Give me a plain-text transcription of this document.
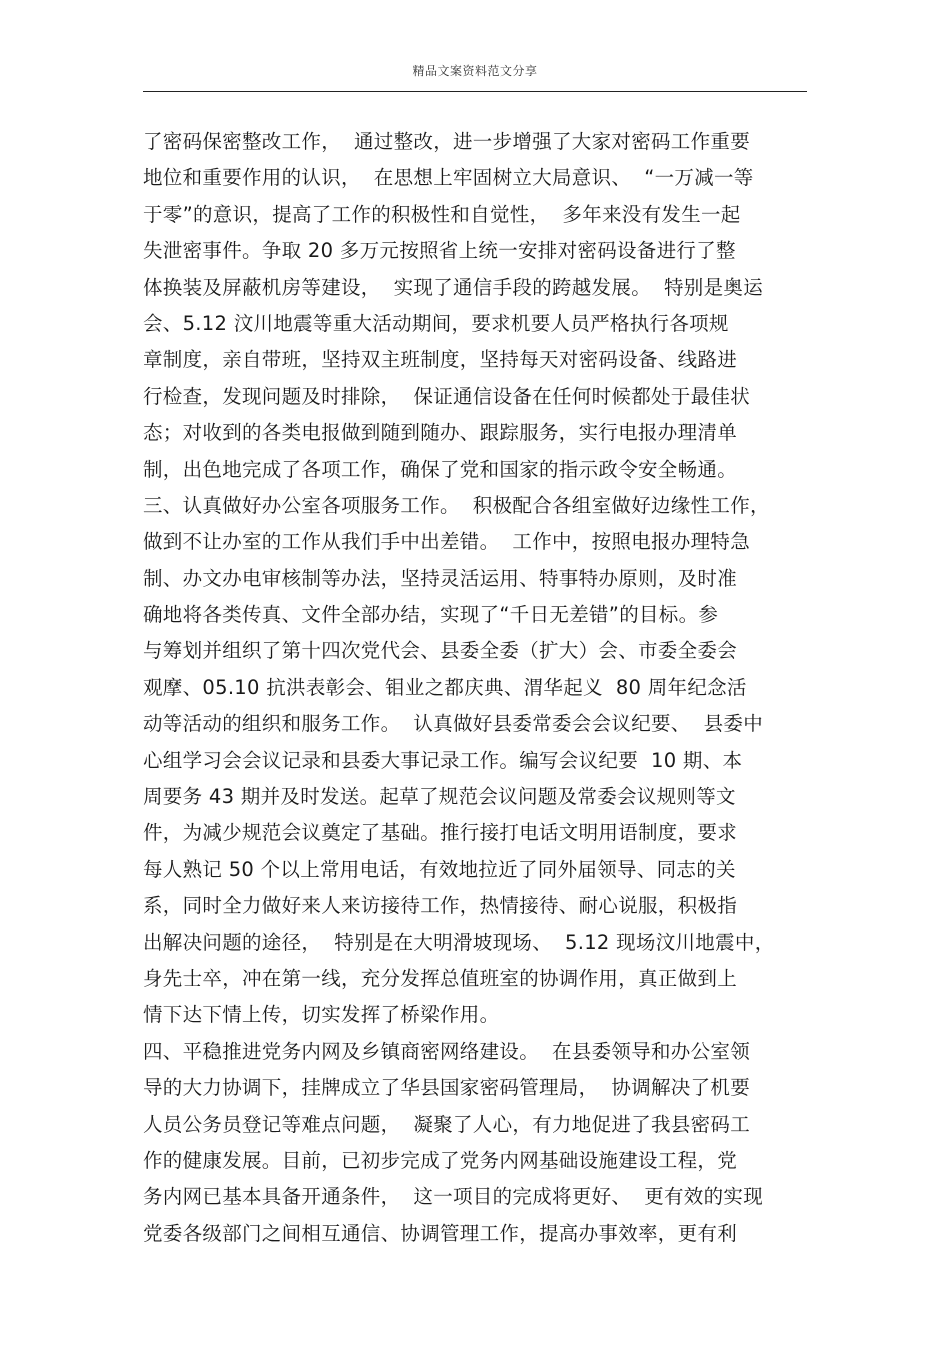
精品文案资料范文分享
了密码保密整改工作，  通过整改，进一步增强了大家对密码工作重要
地位和重要作用的认识，  在思想上牢固树立大局意识、  “一万减一等
于零”的意识，提高了工作的积极性和自觉性，  多年来没有发生一起
失泄密事件。争取 20 多万元按照省上统一安排对密码设备进行了整
体换装及屏蔽机房等建设，  实现了通信手段的跨越发展。  特别是奥运
会、5.12 汶川地震等重大活动期间，要求机要人员严格执行各项规
章制度，亲自带班，坚持双主班制度，坚持每天对密码设备、线路进
行检查，发现问题及时排除，  保证通信设备在任何时候都处于最佳状
态；对收到的各类电报做到随到随办、跟踪服务，实行电报办理清单
制，出色地完成了各项工作，确保了党和国家的指示政令安全畅通。
三、认真做好办公室各项服务工作。  积极配合各组室做好边缘性工作，
做到不让办室的工作从我们手中出差错。  工作中，按照电报办理特急
制、办文办电审核制等办法，坚持灵活运用、特事特办原则，及时准
确地将各类传真、文件全部办结，实现了“千日无差错”的目标。参
与筹划并组织了第十四次党代会、县委全委（扩大）会、市委全委会
观摩、05.10 抗洪表彰会、钼业之都庆典、渭华起义  80 周年纪念活
动等活动的组织和服务工作。  认真做好县委常委会会议纪要、  县委中
心组学习会会议记录和县委大事记录工作。编写会议纪要  10 期、本
周要务 43 期并及时发送。起草了规范会议问题及常委会议规则等文
件，为减少规范会议奠定了基础。推行接打电话文明用语制度，要求
每人熟记 50 个以上常用电话，有效地拉近了同外届领导、同志的关
系，同时全力做好来人来访接待工作，热情接待、耐心说服，积极指
出解决问题的途径，  特别是在大明滑坡现场、  5.12 现场汶川地震中，
身先士卒，冲在第一线，充分发挥总值班室的协调作用，真正做到上
情下达下情上传，切实发挥了桥梁作用。
四、平稳推进党务内网及乡镇商密网络建设。  在县委领导和办公室领
导的大力协调下，挂牌成立了华县国家密码管理局，  协调解决了机要
人员公务员登记等难点问题，  凝聚了人心，有力地促进了我县密码工
作的健康发展。目前，已初步完成了党务内网基础设施建设工程，党
务内网已基本具备开通条件，  这一项目的完成将更好、  更有效的实现
党委各级部门之间相互通信、协调管理工作，提高办事效率，更有利
